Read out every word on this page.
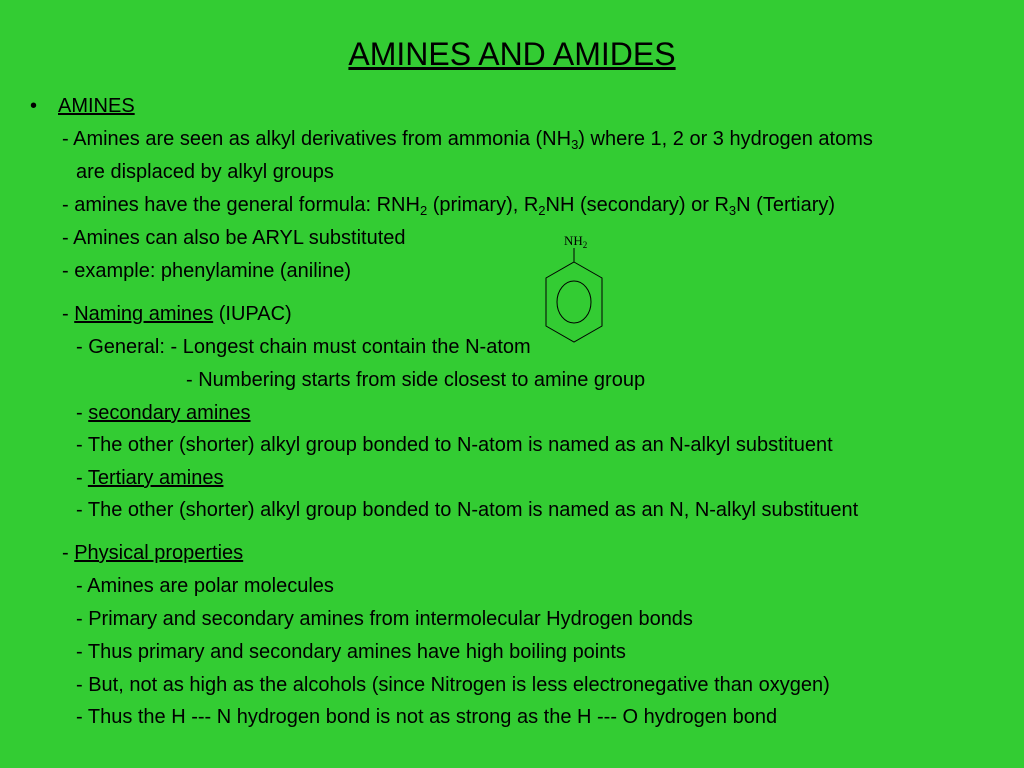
AMINES AND AMIDES
• AMINES
- Amines are seen as alkyl derivatives from ammonia $(NH_3)$ where 1, 2 or 3 hydrogen atoms
are displaced by alkyl groups
- amines have the general formula: $RNH_2$ (primary), $R_2NH$ (secondary) or $R_3N$ (Tertiary)
- Amines can also be ARYL substituted
- example: phenylamine (aniline)
- Naming amines (IUPAC)
- General: - Longest chain must contain the N-atom
- Numbering starts from side closest to amine group
- secondary amines
- The other (shorter) alkyl group bonded to N-atom is named as an N-alkyl substituent
- Tertiary amines
- The other (shorter) alkyl group bonded to N-atom is named as an N, N-alkyl substituent
- Physical properties
- Amines are polar molecules
- Primary and secondary amines from intermolecular Hydrogen bonds
- Thus primary and secondary amines have high boiling points
- But, not as high as the alcohols (since Nitrogen is less electronegative than oxygen)
- Thus the H --- N hydrogen bond is not as strong as the H --- O hydrogen bond
$NH_2$
